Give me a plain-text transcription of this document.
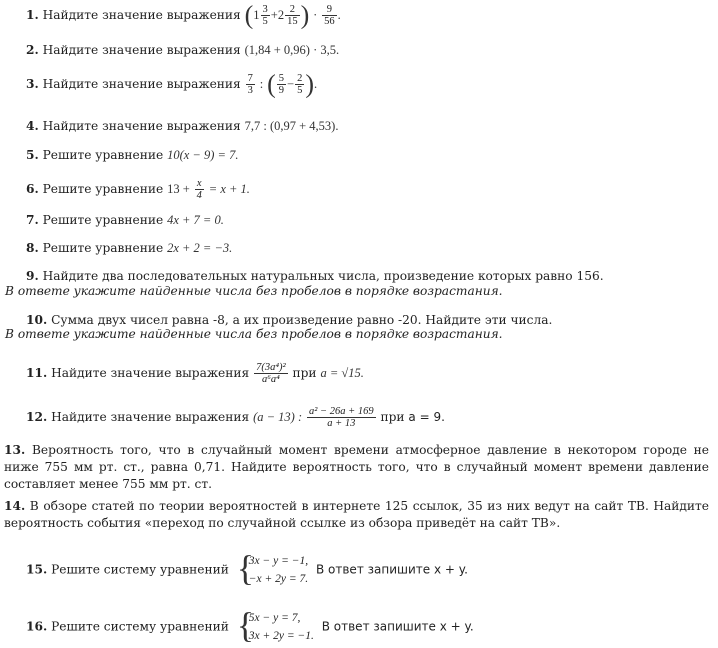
1. Найдите значение выражения ($1 \frac{3}{5} +2 \frac{2}{15}$ ) · $\frac{9}{56}$ .
2. Найдите значение выражения (1,84 + 0,96) · 3,5.
3. Найдите значение выражения $\frac{7}{3}$ : ( $\frac{5}{9} - \frac{2}{5}$ ).
4. Найдите значение выражения 7,7 : (0,97 + 4,53).
5. Решите уравнение 10(x − 9) = 7.
6. Решите уравнение $13 + \frac{x}{4} = x + 1$.
7. Решите уравнение 4x + 7 = 0.
8. Решите уравнение 2x + 2 = −3.
9. Найдите два последовательных натуральных числа, произведение которых равно 156.
В ответе укажите найденные числа без пробелов в порядке возрастания.
10. Сумма двух чисел равна -8, а их произведение равно -20. Найдите эти числа.
В ответе укажите найденные числа без пробелов в порядке возрастания.
11. Найдите значение выражения $\frac{\text{7(3a⁴)²}}{\text{a⁶a⁴}}$ при a = √15.
12. Найдите значение выражения (a − 13) : $\frac{\text{a² − 26a + 169}}{a + 13}$ при a = 9.
13. Вероятность того, что в случайный момент времени атмосферное давление в некотором городе не ниже 755 мм рт. ст., равна 0,71. Найдите вероятность того, что в случайный момент времени давление составляет менее 755 мм рт. ст.
14. В обзоре статей по теории вероятностей в интернете 125 ссылок, 35 из них ведут на сайт ТВ. Найдите вероятность события «переход по случайной ссылке из обзора приведёт на сайт ТВ».
15. Решите систему уравнений {
3x − y = −1,
−x + 2y = 7.
В ответ запишите x + y.
16. Решите систему уравнений {
5x − y = 7,
3x + 2y = −1.
В ответ запишите x + y.
